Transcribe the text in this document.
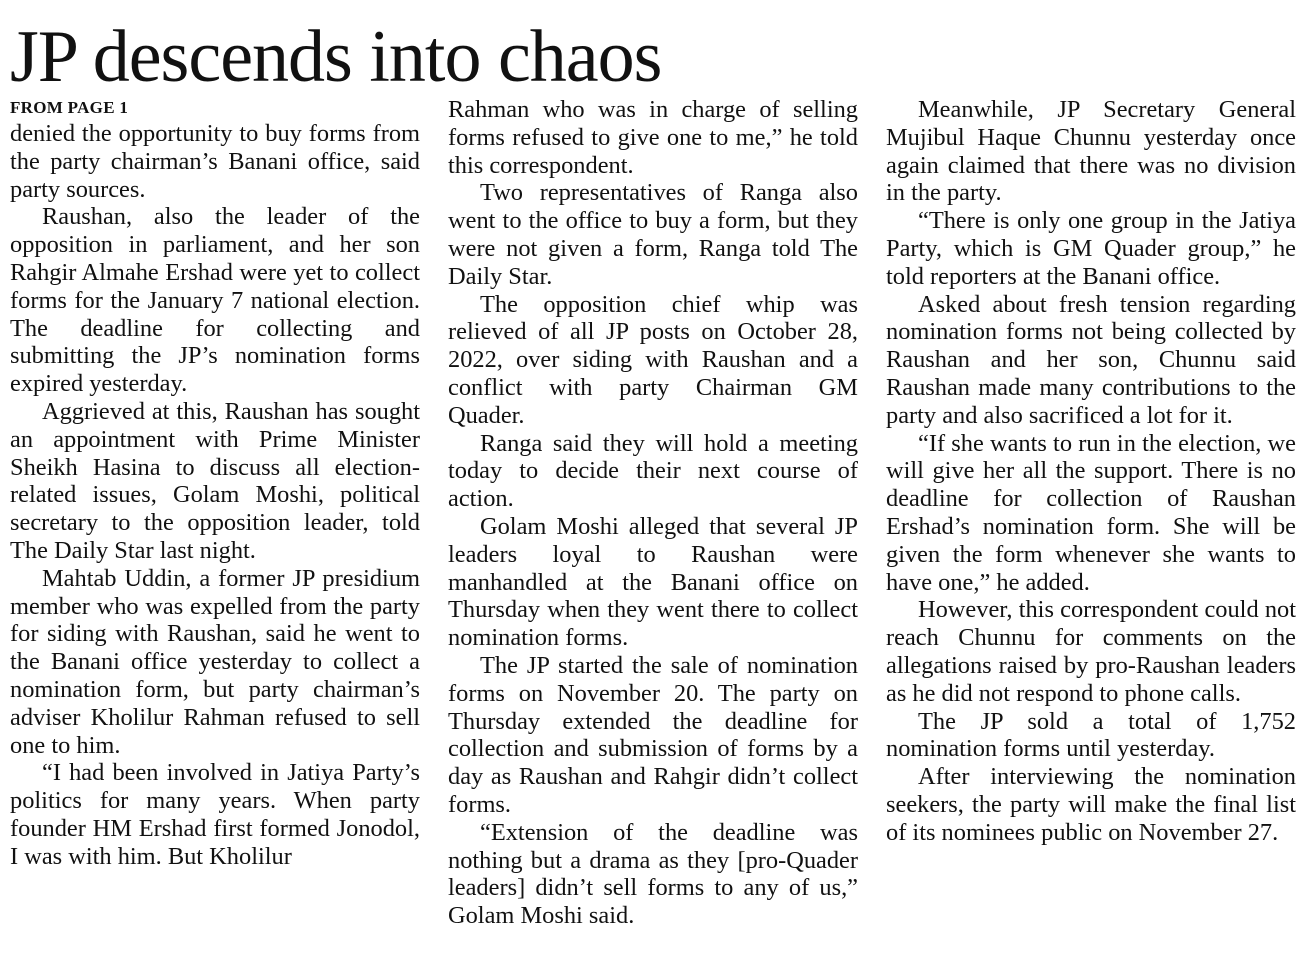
JP descends into chaos
FROM PAGE 1

denied the opportunity to buy forms from the party chairman’s Banani office, said party sources.

Raushan, also the leader of the opposition in parliament, and her son Rahgir Almahe Ershad were yet to collect forms for the January 7 national election. The deadline for collecting and submitting the JP’s nomination forms expired yesterday.

Aggrieved at this, Raushan has sought an appointment with Prime Minister Sheikh Hasina to discuss all election-related issues, Golam Moshi, political secretary to the opposition leader, told The Daily Star last night.

Mahtab Uddin, a former JP presidium member who was expelled from the party for siding with Raushan, said he went to the Banani office yesterday to collect a nomination form, but party chairman’s adviser Kholilur Rahman refused to sell one to him.

“I had been involved in Jatiya Party’s politics for many years. When party founder HM Ershad first formed Jonodol, I was with him. But Kholilur

Rahman who was in charge of selling forms refused to give one to me,” he told this correspondent.

Two representatives of Ranga also went to the office to buy a form, but they were not given a form, Ranga told The Daily Star.

The opposition chief whip was relieved of all JP posts on October 28, 2022, over siding with Raushan and a conflict with party Chairman GM Quader.

Ranga said they will hold a meeting today to decide their next course of action.

Golam Moshi alleged that several JP leaders loyal to Raushan were manhandled at the Banani office on Thursday when they went there to collect nomination forms.

The JP started the sale of nomination forms on November 20. The party on Thursday extended the deadline for collection and submission of forms by a day as Raushan and Rahgir didn’t collect forms.

“Extension of the deadline was nothing but a drama as they [pro-Quader leaders] didn’t sell forms to any of us,” Golam Moshi said.

Meanwhile, JP Secretary General Mujibul Haque Chunnu yesterday once again claimed that there was no division in the party.

“There is only one group in the Jatiya Party, which is GM Quader group,” he told reporters at the Banani office.

Asked about fresh tension regarding nomination forms not being collected by Raushan and her son, Chunnu said Raushan made many contributions to the party and also sacrificed a lot for it.

“If she wants to run in the election, we will give her all the support. There is no deadline for collection of Raushan Ershad’s nomination form. She will be given the form whenever she wants to have one,” he added.

However, this correspondent could not reach Chunnu for comments on the allegations raised by pro-Raushan leaders as he did not respond to phone calls.

The JP sold a total of 1,752 nomination forms until yesterday.

After interviewing the nomination seekers, the party will make the final list of its nominees public on November 27.
